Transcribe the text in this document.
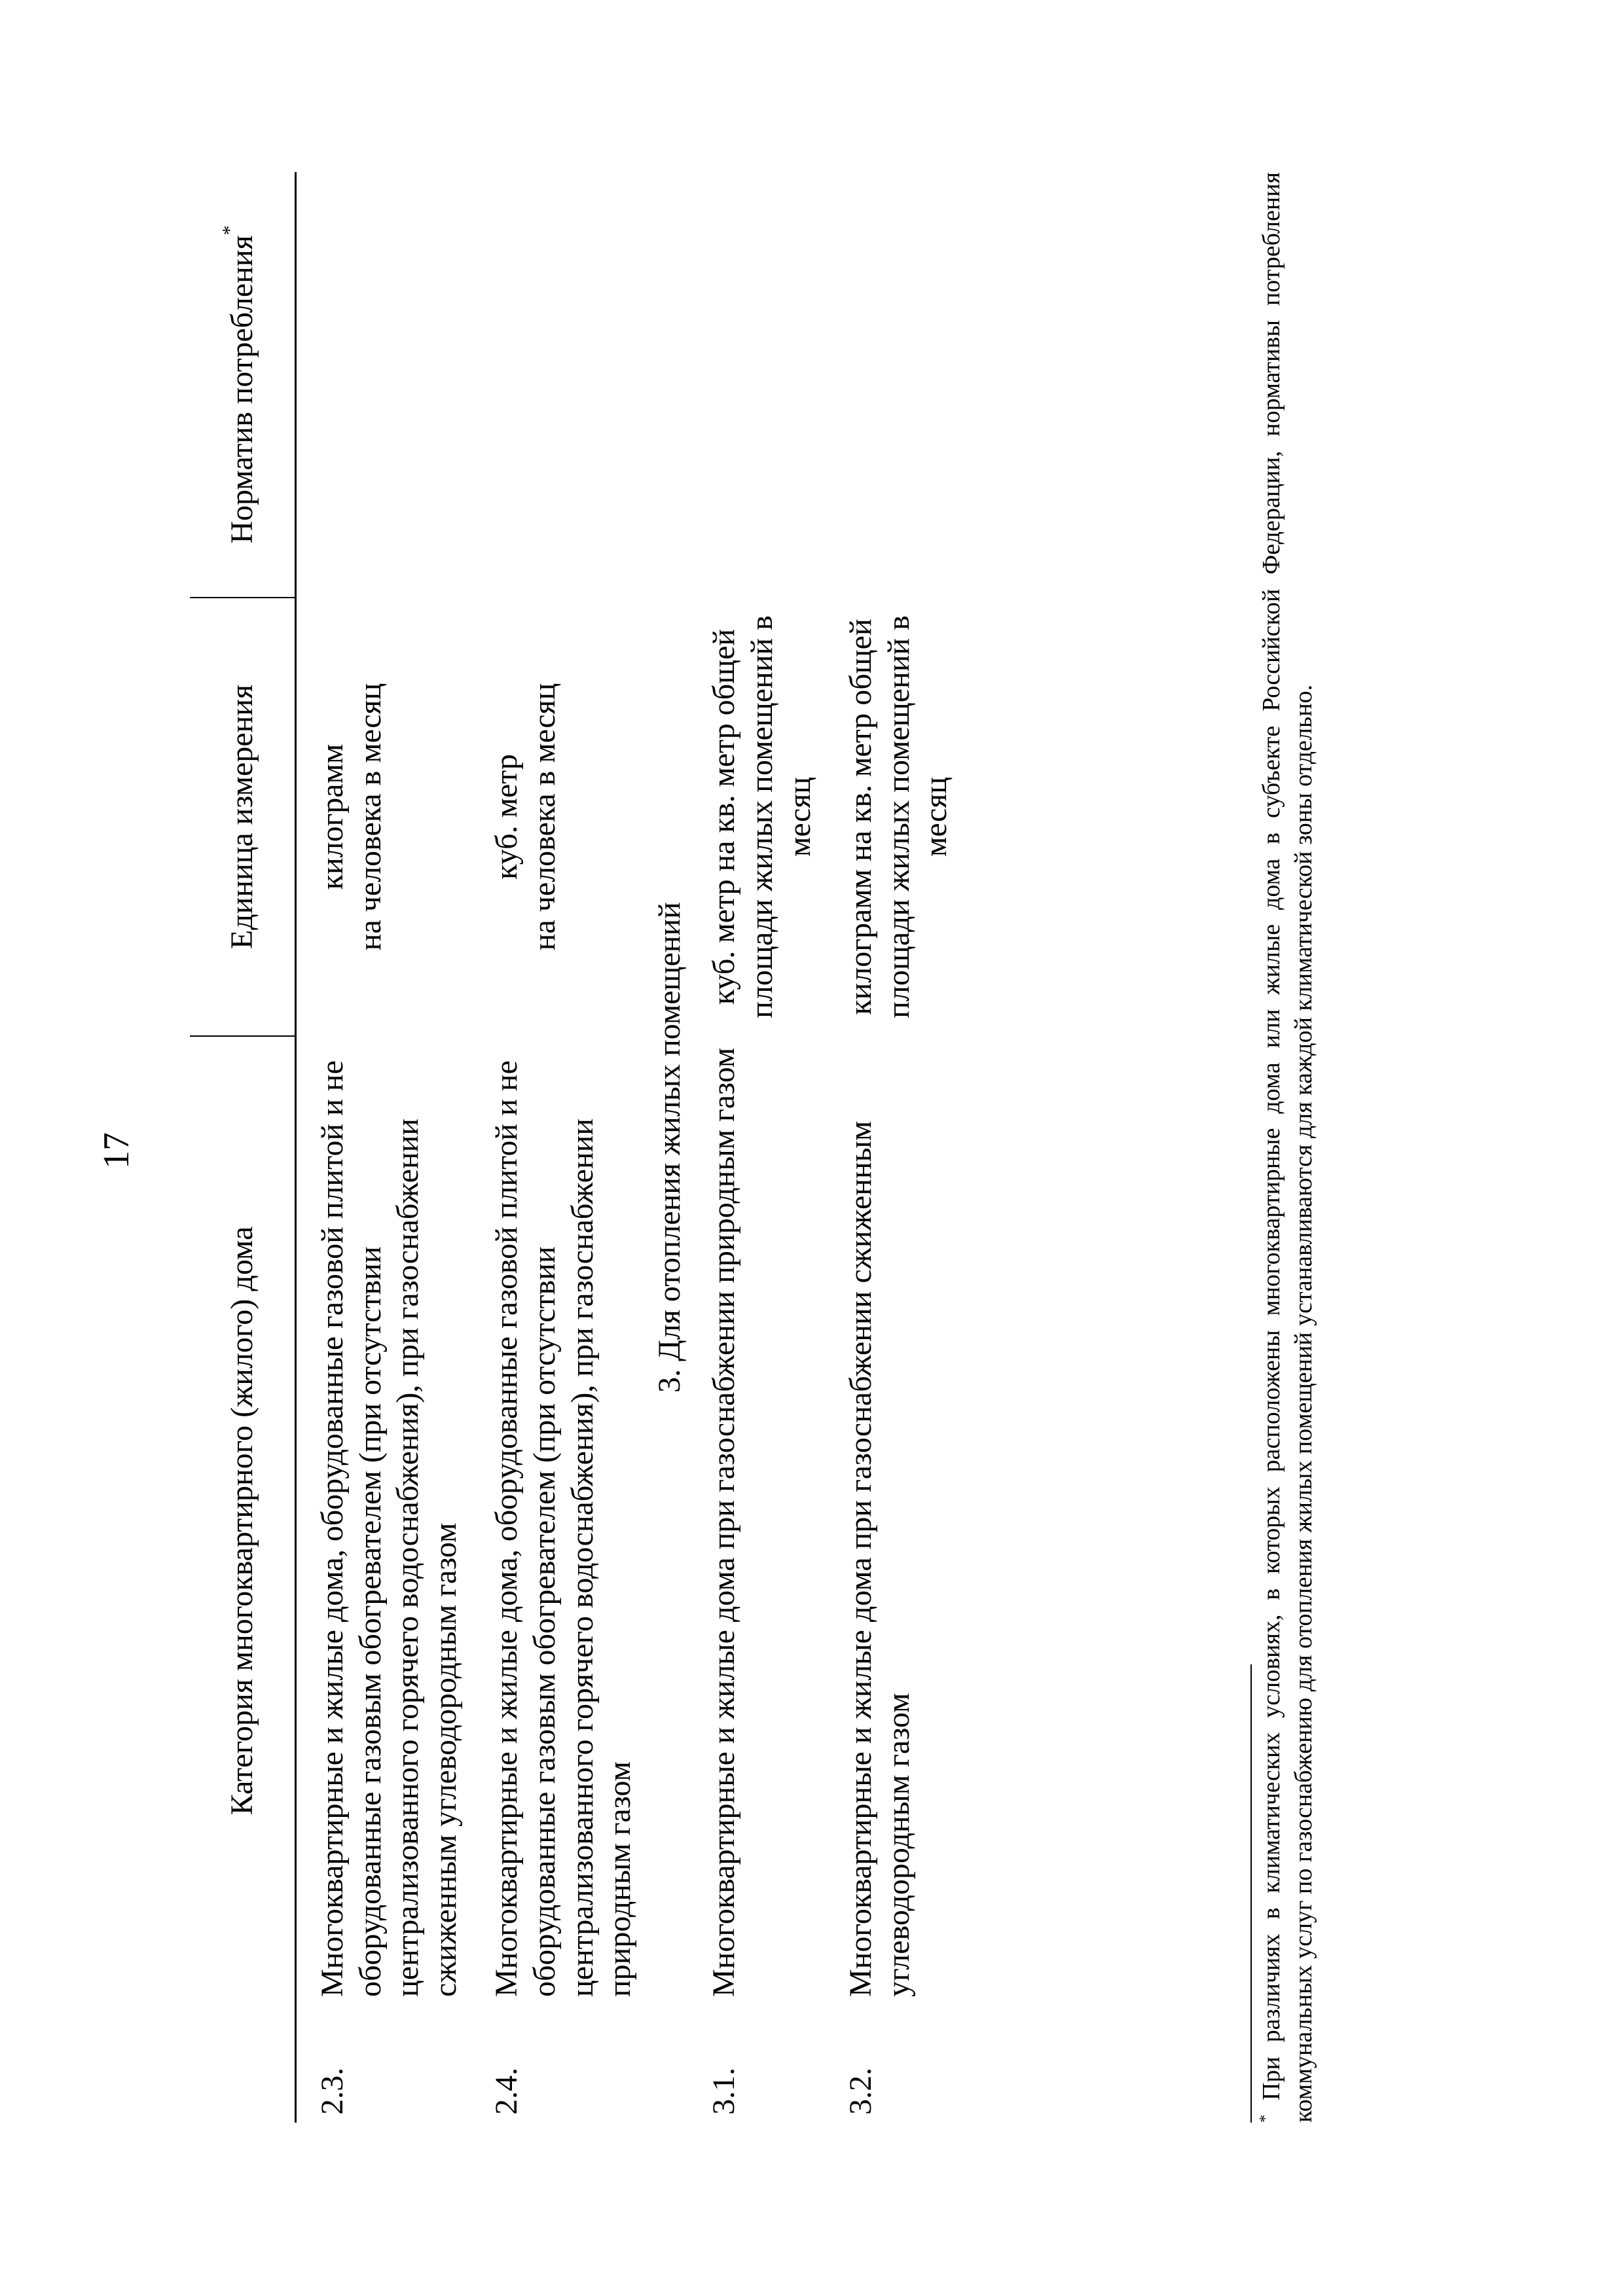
17
	Категория многоквартирного (жилого) дома	Единица измерения	Норматив потребления*
2.3.	Многоквартирные и жилые дома, оборудованные газовой плитой и не оборудованные газовым обогревателем (при отсутствии централизованного горячего водоснабжения), при газоснабжении сжиженным углеводородным газом	килограмм на человека в месяц	

2.4.	Многоквартирные и жилые дома, оборудованные газовой плитой и не оборудованные газовым обогревателем (при отсутствии централизованного горячего водоснабжения), при газоснабжении природным газом	куб. метр на человека в месяц	

3. Для отопления жилых помещений			
3.1.	Многоквартирные и жилые дома при газоснабжении природным газом	куб. метр на кв. метр общей площади жилых помещений в месяц	
3.2.	Многоквартирные и жилые дома при газоснабжении сжиженным углеводородным газом	килограмм на кв. метр общей площади жилых помещений в месяц	
* При различиях в климатических условиях, в которых расположены многоквартирные дома или жилые дома в субъекте Российской Федерации, нормативы потребления коммунальных услуг по газоснабжению для отопления жилых помещений устанавливаются для каждой климатической зоны отдельно.
